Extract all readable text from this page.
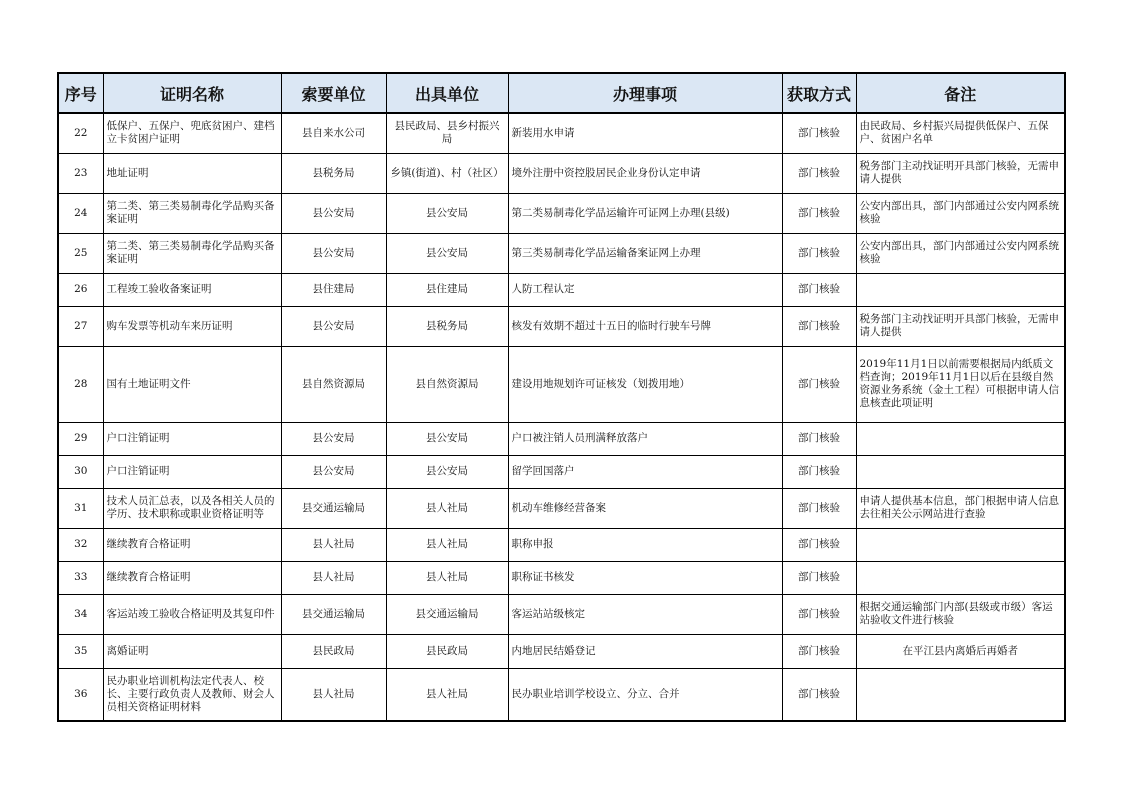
序号	证明名称	索要单位	出具单位	办理事项	获取方式	备注
22	低保户、五保户、兜底贫困户、建档立卡贫困户证明	县自来水公司	县民政局、县乡村振兴局	新装用水申请	部门核验	由民政局、乡村振兴局提供低保户、五保户、贫困户名单
23	地址证明	县税务局	乡镇(街道)、村（社区）	境外注册中资控股居民企业身份认定申请	部门核验	税务部门主动找证明开具部门核验，无需申请人提供
24	第二类、第三类易制毒化学品购买备案证明	县公安局	县公安局	第二类易制毒化学品运输许可证网上办理(县级)	部门核验	公安内部出具，部门内部通过公安内网系统核验
25	第二类、第三类易制毒化学品购买备案证明	县公安局	县公安局	第三类易制毒化学品运输备案证网上办理	部门核验	公安内部出具，部门内部通过公安内网系统核验
26	工程竣工验收备案证明	县住建局	县住建局	人防工程认定	部门核验	
27	购车发票等机动车来历证明	县公安局	县税务局	核发有效期不超过十五日的临时行驶车号牌	部门核验	税务部门主动找证明开具部门核验，无需申请人提供
28	国有土地证明文件	县自然资源局	县自然资源局	建设用地规划许可证核发（划拨用地）	部门核验	2019年11月1日以前需要根据局内纸质文档查询；2019年11月1日以后在县级自然资源业务系统（金土工程）可根据申请人信息核查此项证明
29	户口注销证明	县公安局	县公安局	户口被注销人员刑满释放落户	部门核验	
30	户口注销证明	县公安局	县公安局	留学回国落户	部门核验	
31	技术人员汇总表，以及各相关人员的学历、技术职称或职业资格证明等	县交通运输局	县人社局	机动车维修经营备案	部门核验	申请人提供基本信息，部门根据申请人信息去往相关公示网站进行查验
32	继续教育合格证明	县人社局	县人社局	职称申报	部门核验	
33	继续教育合格证明	县人社局	县人社局	职称证书核发	部门核验	
34	客运站竣工验收合格证明及其复印件	县交通运输局	县交通运输局	客运站站级核定	部门核验	根据交通运输部门内部(县级或市级）客运站验收文件进行核验
35	离婚证明	县民政局	县民政局	内地居民结婚登记	部门核验	在平江县内离婚后再婚者
36	民办职业培训机构法定代表人、校长、主要行政负责人及教师、财会人员相关资格证明材料	县人社局	县人社局	民办职业培训学校设立、分立、合并	部门核验	
